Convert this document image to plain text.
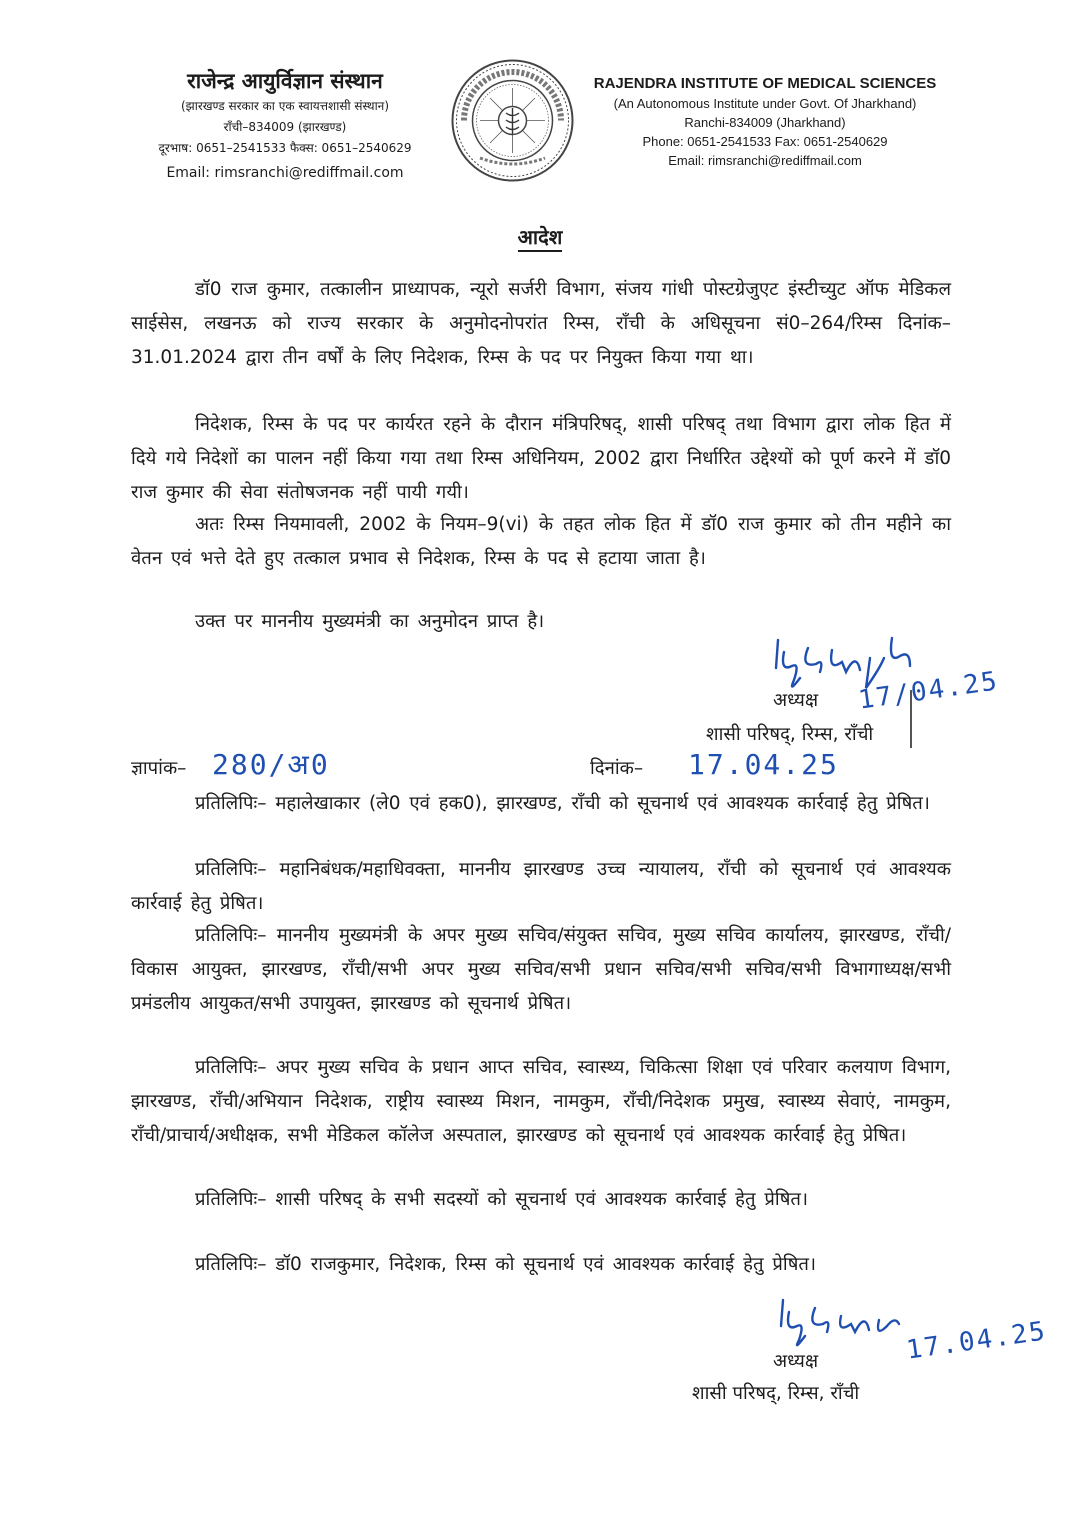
राजेन्द्र आयुर्विज्ञान संस्थान
(झारखण्ड सरकार का एक स्वायत्तशासी संस्थान)
राँची–834009 (झारखण्ड)
दूरभाष: 0651–2541533 फैक्स: 0651–2540629
Email: rimsranchi@rediffmail.com
RAJENDRA INSTITUTE OF MEDICAL SCIENCES
(An Autonomous Institute under Govt. Of Jharkhand)
Ranchi-834009 (Jharkhand)
Phone: 0651-2541533 Fax: 0651-2540629
Email: rimsranchi@rediffmail.com
आदेश
डॉ0 राज कुमार, तत्कालीन प्राध्यापक, न्यूरो सर्जरी विभाग, संजय गांधी पोस्टग्रेजुएट इंस्टीच्युट ऑफ मेडिकल साईसेस, लखनऊ को राज्य सरकार के अनुमोदनोपरांत रिम्स, राँची के अधिसूचना सं0–264/रिम्स दिनांक–31.01.2024 द्वारा तीन वर्षों के लिए निदेशक, रिम्स के पद पर नियुक्त किया गया था।
निदेशक, रिम्स के पद पर कार्यरत रहने के दौरान मंत्रिपरिषद्, शासी परिषद् तथा विभाग द्वारा लोक हित में दिये गये निदेशों का पालन नहीं किया गया तथा रिम्स अधिनियम, 2002 द्वारा निर्धारित उद्देश्यों को पूर्ण करने में डॉ0 राज कुमार की सेवा संतोषजनक नहीं पायी गयी।
अतः रिम्स नियमावली, 2002 के नियम–9(vi) के तहत लोक हित में डॉ0 राज कुमार को तीन महीने का वेतन एवं भत्ते देते हुए तत्काल प्रभाव से निदेशक, रिम्स के पद से हटाया जाता है।
उक्त पर माननीय मुख्यमंत्री का अनुमोदन प्राप्त है।
17/04.25
अध्यक्ष
शासी परिषद्, रिम्स, राँची
ज्ञापांक– 280/अ0	दिनांक– 17.04.25
प्रतिलिपिः– महालेखाकार (ले0 एवं हक0), झारखण्ड, राँची को सूचनार्थ एवं आवश्यक कार्रवाई हेतु प्रेषित।
प्रतिलिपिः– महानिबंधक/महाधिवक्ता, माननीय झारखण्ड उच्च न्यायालय, राँची को सूचनार्थ एवं आवश्यक कार्रवाई हेतु प्रेषित।
प्रतिलिपिः– माननीय मुख्यमंत्री के अपर मुख्य सचिव/संयुक्त सचिव, मुख्य सचिव कार्यालय, झारखण्ड, राँची/विकास आयुक्त, झारखण्ड, राँची/सभी अपर मुख्य सचिव/सभी प्रधान सचिव/सभी सचिव/सभी विभागाध्यक्ष/सभी प्रमंडलीय आयुकत/सभी उपायुक्त, झारखण्ड को सूचनार्थ प्रेषित।
प्रतिलिपिः– अपर मुख्य सचिव के प्रधान आप्त सचिव, स्वास्थ्य, चिकित्सा शिक्षा एवं परिवार कलयाण विभाग, झारखण्ड, राँची/अभियान निदेशक, राष्ट्रीय स्वास्थ्य मिशन, नामकुम, राँची/निदेशक प्रमुख, स्वास्थ्य सेवाएं, नामकुम, राँची/प्राचार्य/अधीक्षक, सभी मेडिकल कॉलेज अस्पताल, झारखण्ड को सूचनार्थ एवं आवश्यक कार्रवाई हेतु प्रेषित।
प्रतिलिपिः– शासी परिषद् के सभी सदस्यों को सूचनार्थ एवं आवश्यक कार्रवाई हेतु प्रेषित।
प्रतिलिपिः– डॉ0 राजकुमार, निदेशक, रिम्स को सूचनार्थ एवं आवश्यक कार्रवाई हेतु प्रेषित।
17.04.25
अध्यक्ष
शासी परिषद्, रिम्स, राँची
